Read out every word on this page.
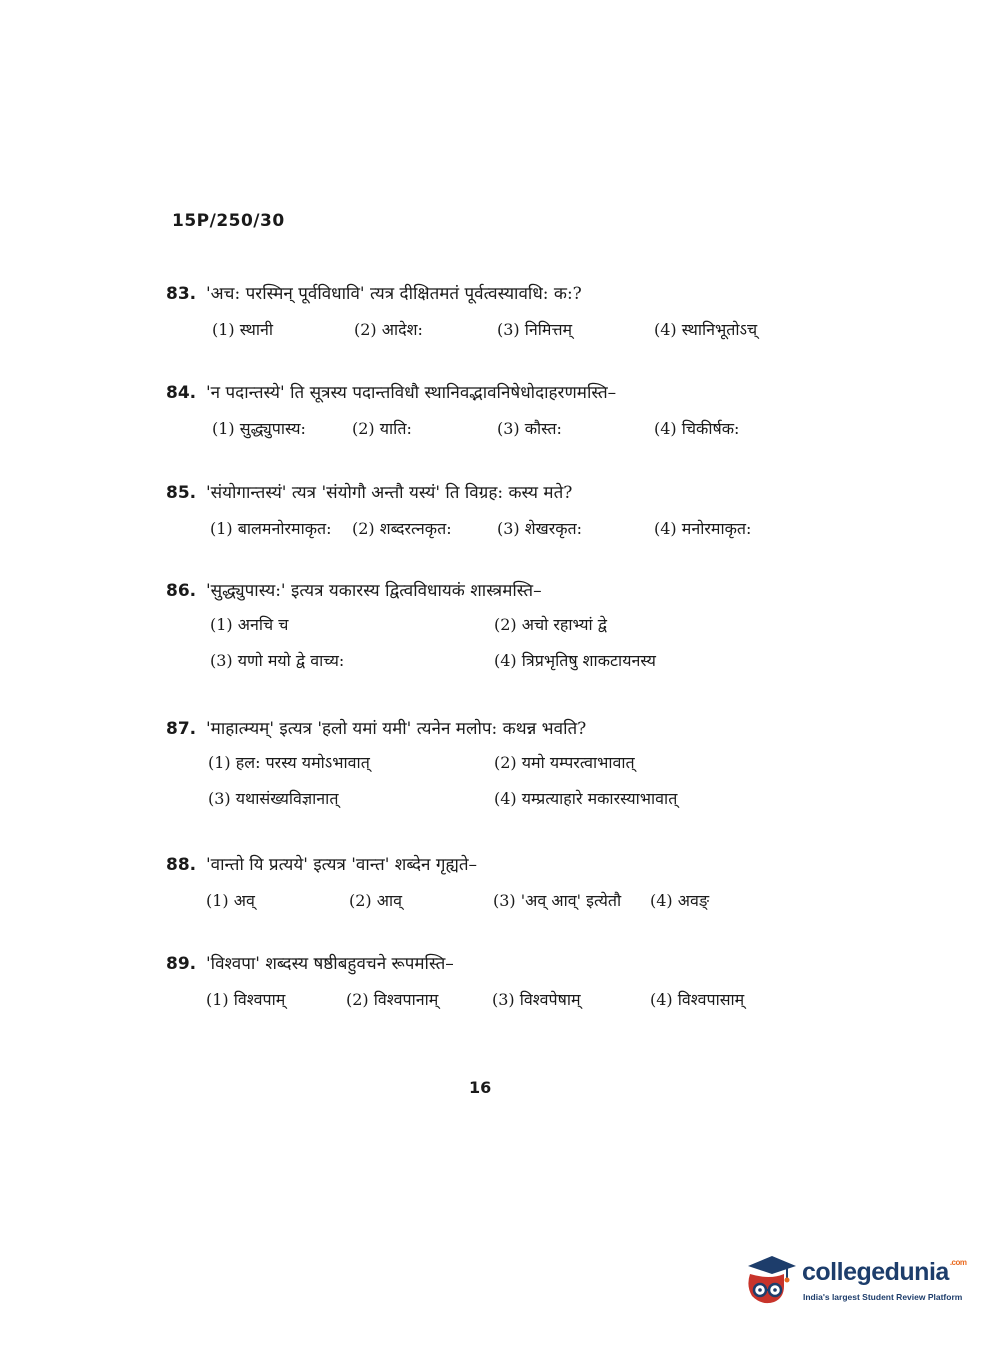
15P/250/30
83. 'अच: परस्मिन् पूर्वविधावि' त्यत्र दीक्षितमतं पूर्वत्वस्यावधि: क:?
(1) स्थानी	(2) आदेश:	(3) निमित्तम्	(4) स्थानिभूतोऽच्
84. 'न पदान्तस्ये' ति सूत्रस्य पदान्तविधौ स्थानिवद्भावनिषेधोदाहरणमस्ति–
(1) सुद्ध्युपास्य:	(2) याति:	(3) कौस्त:	(4) चिकीर्षक:
85. 'संयोगान्तस्यं' त्यत्र 'संयोगौ अन्तौ यस्यं' ति विग्रह: कस्य मते?
(1) बालमनोरमाकृत: (2) शब्दरत्नकृत:	(3) शेखरकृत:	(4) मनोरमाकृत:
86. 'सुद्ध्युपास्य:' इत्यत्र यकारस्य द्वित्वविधायकं शास्त्रमस्ति–
(1) अनचि च	(2) अचो रहाभ्यां द्वे
(3) यणो मयो द्वे वाच्य:	(4) त्रिप्रभृतिषु शाकटायनस्य
87. 'माहात्म्यम्' इत्यत्र 'हलो यमां यमी' त्यनेन मलोप: कथन्न भवति?
(1) हल: परस्य यमोऽभावात्	(2) यमो यम्परत्वाभावात्
(3) यथासंख्यविज्ञानात्	(4) यम्प्रत्याहारे मकारस्याभावात्
88. 'वान्तो यि प्रत्यये' इत्यत्र 'वान्त' शब्देन गृह्यते–
(1) अव्	(2) आव्	(3) 'अव् आव्' इत्येतौ (4) अवङ्
89. 'विश्वपा' शब्दस्य षष्ठीबहुवचने रूपमस्ति–
(1) विश्वपाम्	(2) विश्वपानाम्	(3) विश्वपेषाम्	(4) विश्वपासाम्
16
collegedunia$^{.com}$
India's largest Student Review Platform
